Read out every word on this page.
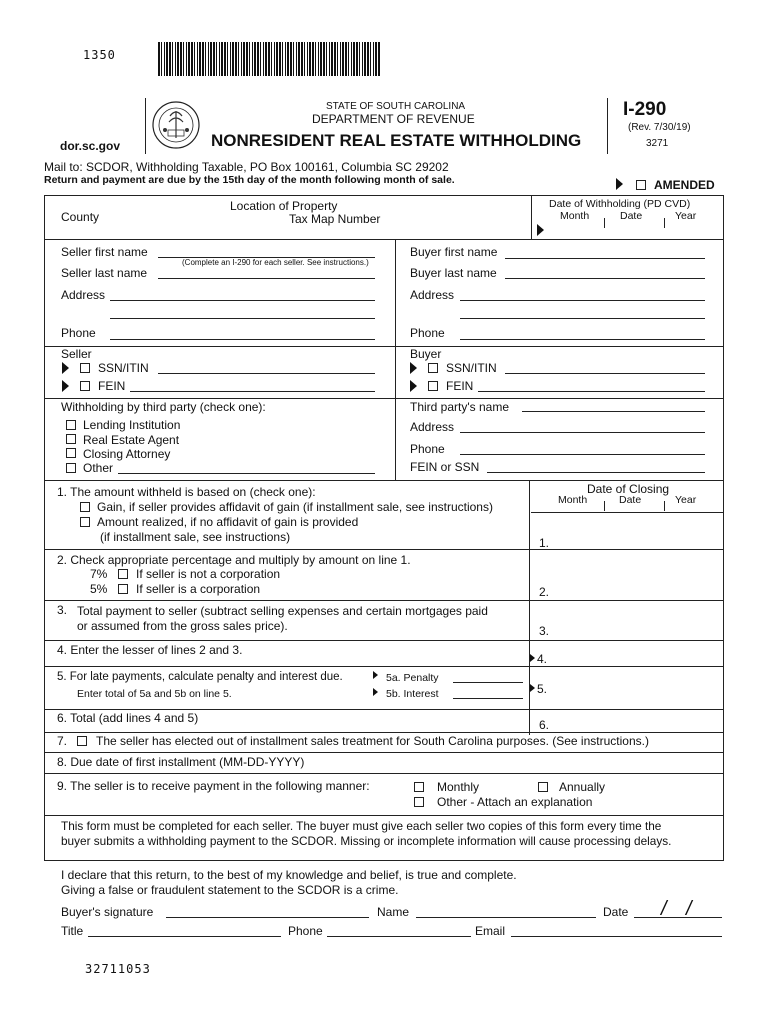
1350
STATE OF SOUTH CAROLINA
DEPARTMENT OF REVENUE
NONRESIDENT REAL ESTATE WITHHOLDING
dor.sc.gov
I-290
(Rev. 7/30/19)
3271
Mail to: SCDOR, Withholding Taxable, PO Box 100161, Columbia SC 29202
Return and payment are due by the 15th day of the month following month of sale.	AMENDED
County
Location of Property
Tax Map Number
Date of Withholding (PD CVD)
Month	Date	Year
Seller first name
(Complete an I-290 for each seller. See instructions.)
Seller last name
Address
Phone
Buyer first name
Buyer last name
Address
Phone
Seller
SSN/ITIN
FEIN
Buyer
SSN/ITIN
FEIN
Withholding by third party (check one):
Lending Institution
Real Estate Agent
Closing Attorney
Other
Third party's name
Address
Phone
FEIN or SSN
1. The amount withheld is based on (check one):
Gain, if seller provides affidavit of gain (if installment sale, see instructions)
Amount realized, if no affidavit of gain is provided
(if installment sale, see instructions)
Date of Closing
Month	Date	Year
1.
2. Check appropriate percentage and multiply by amount on line 1.
7% If seller is not a corporation
5% If seller is a corporation	2.
3. Total payment to seller (subtract selling expenses and certain mortgages paid
or assumed from the gross sales price).	3.
4. Enter the lesser of lines 2 and 3.
4.
5. For late payments, calculate penalty and interest due.
Enter total of 5a and 5b on line 5.
5a. Penalty
5b. Interest	5.
6. Total (add lines 4 and 5)	6.
7. The seller has elected out of installment sales treatment for South Carolina purposes. (See instructions.)
8. Due date of first installment (MM-DD-YYYY)
9. The seller is to receive payment in the following manner:	Monthly	Annually
Other - Attach an explanation
This form must be completed for each seller. The buyer must give each seller two copies of this form every time the
buyer submits a withholding payment to the SCDOR. Missing or incomplete information will cause processing delays.
I declare that this return, to the best of my knowledge and belief, is true and complete.
Giving a false or fraudulent statement to the SCDOR is a crime.
Buyer's signature	Name	Date / /
Title	Phone	Email
32711053
